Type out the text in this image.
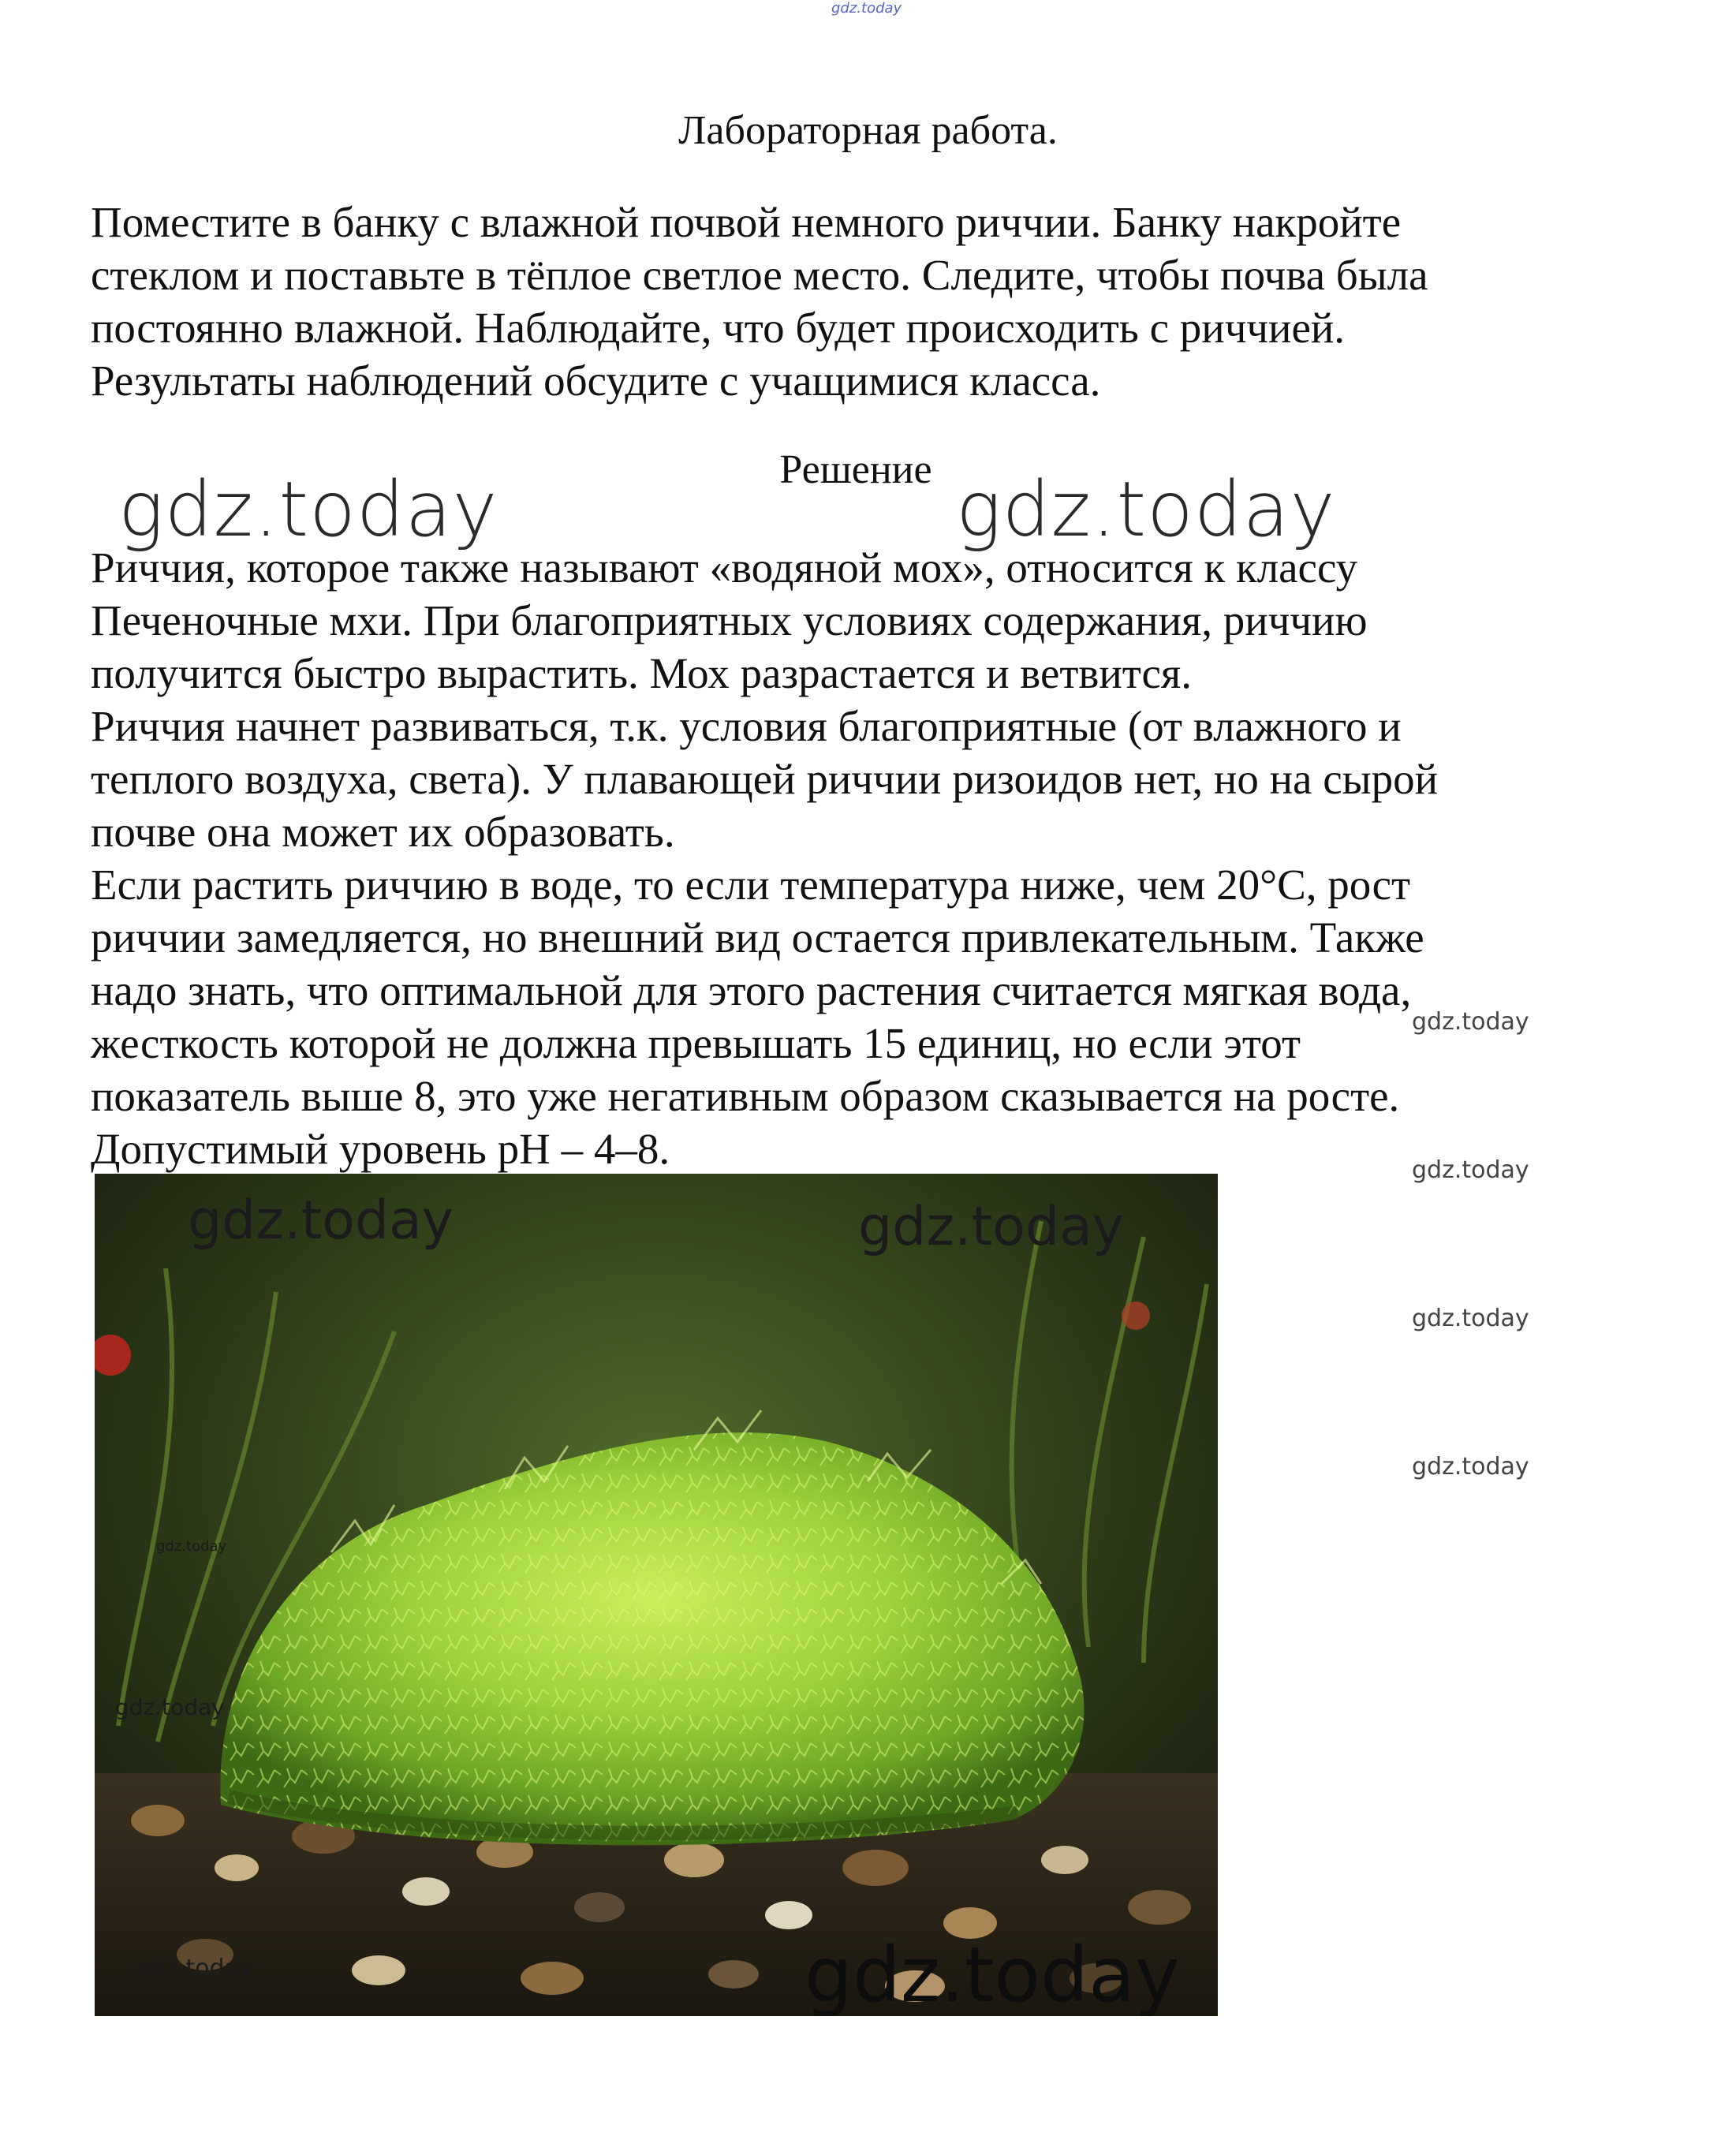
gdz.today
Лабораторная работа.

Поместите в банку с влажной почвой немного риччии. Банку накройте

стеклом и поставьте в тёплое светлое место. Следите, чтобы почва была

постоянно влажной. Наблюдайте, что будет происходить с риччией.

Результаты наблюдений обсудите с учащимися класса.

Решение

Риччия, которое также называют «водяной мох», относится к классу

Печеночные мхи. При благоприятных условиях содержания, риччию

получится быстро вырастить. Мох разрастается и ветвится.

Риччия начнет развиваться, т.к. условия благоприятные (от влажного и

теплого воздуха, света). У плавающей риччии ризоидов нет, но на сырой

почве она может их образовать.

Если растить риччию в воде, то если температура ниже, чем 20°C, рост

риччии замедляется, но внешний вид остается привлекательным. Также

надо знать, что оптимальной для этого растения считается мягкая вода,

жесткость которой не должна превышать 15 единиц, но если этот

показатель выше 8, это уже негативным образом сказывается на росте.

Допустимый уровень pH – 4–8.

gdz.today	gdz.today
gdz.today
gdz.today
gdz.today
gdz.today
gdz.today	gdz.today
gdz.today
gdz.today
gdz.today	gdz.today
